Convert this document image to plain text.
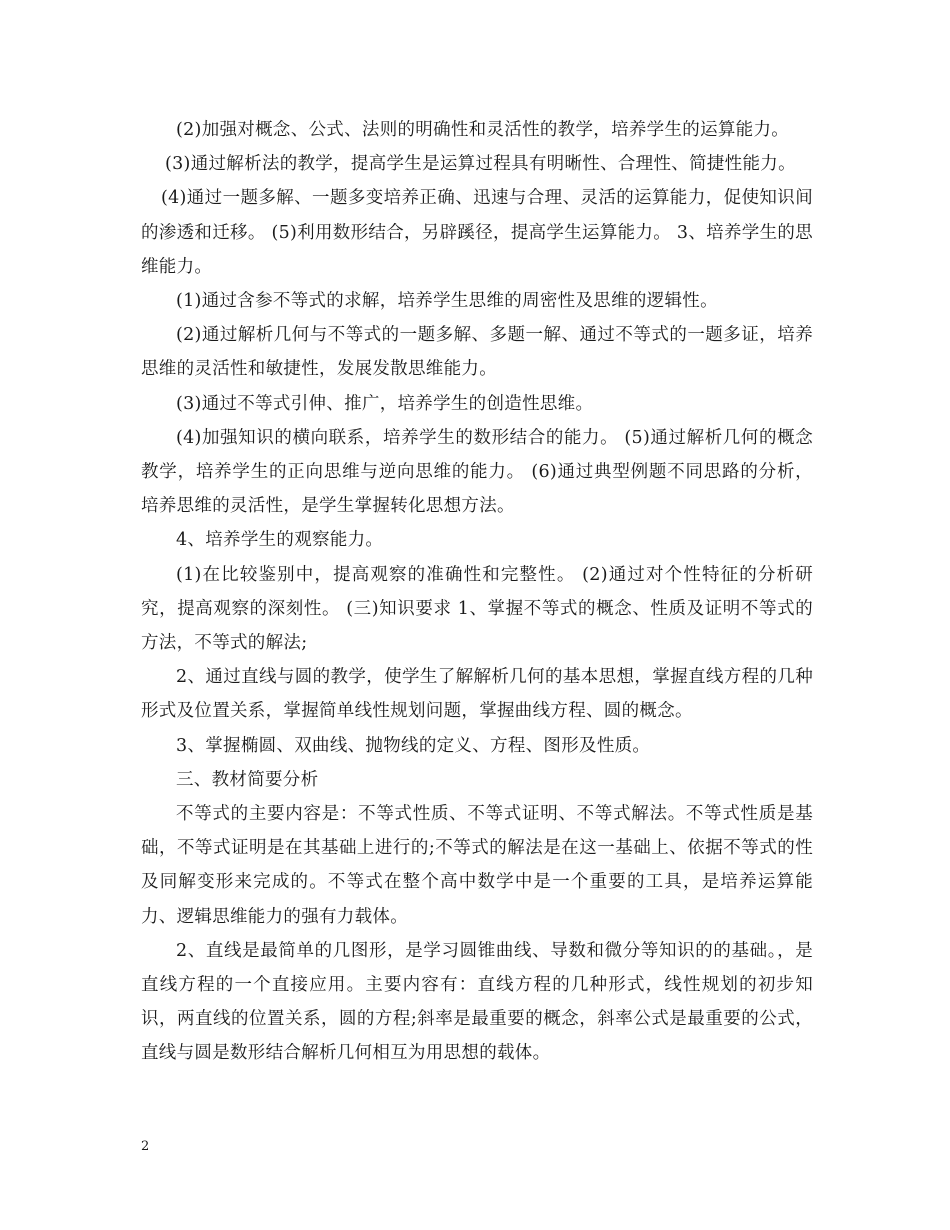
(2)加强对概念、公式、法则的明确性和灵活性的教学，培养学生的运算能力。

(3)通过解析法的教学，提高学生是运算过程具有明晰性、合理性、简捷性能力。

(4)通过一题多解、一题多变培养正确、迅速与合理、灵活的运算能力，促使知识间的渗透和迁移。 (5)利用数形结合，另辟蹊径，提高学生运算能力。 3、培养学生的思维能力。

(1)通过含参不等式的求解，培养学生思维的周密性及思维的逻辑性。

(2)通过解析几何与不等式的一题多解、多题一解、通过不等式的一题多证，培养思维的灵活性和敏捷性，发展发散思维能力。

(3)通过不等式引伸、推广，培养学生的创造性思维。

(4)加强知识的横向联系，培养学生的数形结合的能力。 (5)通过解析几何的概念教学，培养学生的正向思维与逆向思维的能力。 (6)通过典型例题不同思路的分析，培养思维的灵活性，是学生掌握转化思想方法。

4、培养学生的观察能力。

(1)在比较鉴别中，提高观察的准确性和完整性。 (2)通过对个性特征的分析研究，提高观察的深刻性。 (三)知识要求 1、掌握不等式的概念、性质及证明不等式的方法，不等式的解法;

2、通过直线与圆的教学，使学生了解解析几何的基本思想，掌握直线方程的几种形式及位置关系，掌握简单线性规划问题，掌握曲线方程、圆的概念。

3、掌握椭圆、双曲线、抛物线的定义、方程、图形及性质。

三、教材简要分析

不等式的主要内容是：不等式性质、不等式证明、不等式解法。不等式性质是基础，不等式证明是在其基础上进行的;不等式的解法是在这一基础上、依据不等式的性及同解变形来完成的。不等式在整个高中数学中是一个重要的工具，是培养运算能力、逻辑思维能力的强有力载体。

2、直线是最简单的几图形，是学习圆锥曲线、导数和微分等知识的的基础。，是直线方程的一个直接应用。主要内容有：直线方程的几种形式，线性规划的初步知识，两直线的位置关系，圆的方程;斜率是最重要的概念，斜率公式是最重要的公式，直线与圆是数形结合解析几何相互为用思想的载体。

2
